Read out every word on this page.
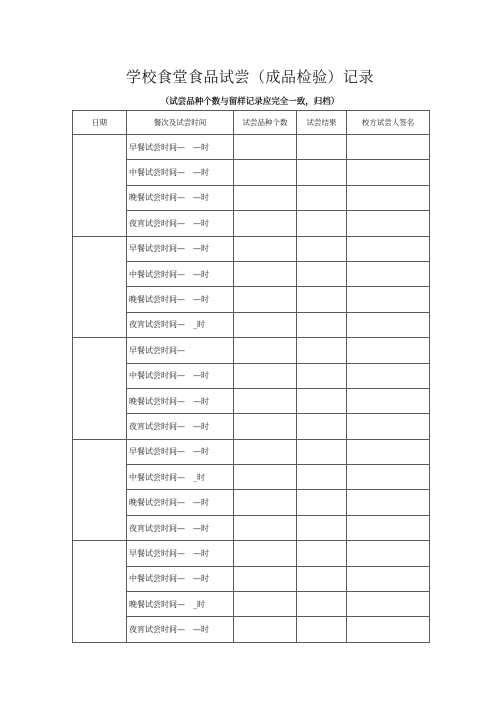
学校食堂食品试尝（成品检验）记录
（试尝品种个数与留样记录应完全一致，归档）
日期	餐次及试尝时间	试尝品种个数	试尝结果	校方试尝人签名
	早餐试尝时间—　—时			
	中餐试尝时间—　—时			
	晚餐试尝时间—　—时			
	夜宵试尝时间—　—时			
	早餐试尝时间—　—时			
	中餐试尝时间—　—时			
	晚餐试尝时间—　—时			
	夜宵试尝时间—　_时			
	早餐试尝时间—			
	中餐试尝时间—　—时			
	晚餐试尝时间—　—时			
	夜宵试尝时间—　—时			
	早餐试尝时间—　—时			
	中餐试尝时间—　_时			
	晚餐试尝时间—　—时			
	夜宵试尝时间—　—时			
	早餐试尝时间—　—时			
	中餐试尝时间—　—时			
	晚餐试尝时间—　_时			
	夜宵试尝时间—　—时			
